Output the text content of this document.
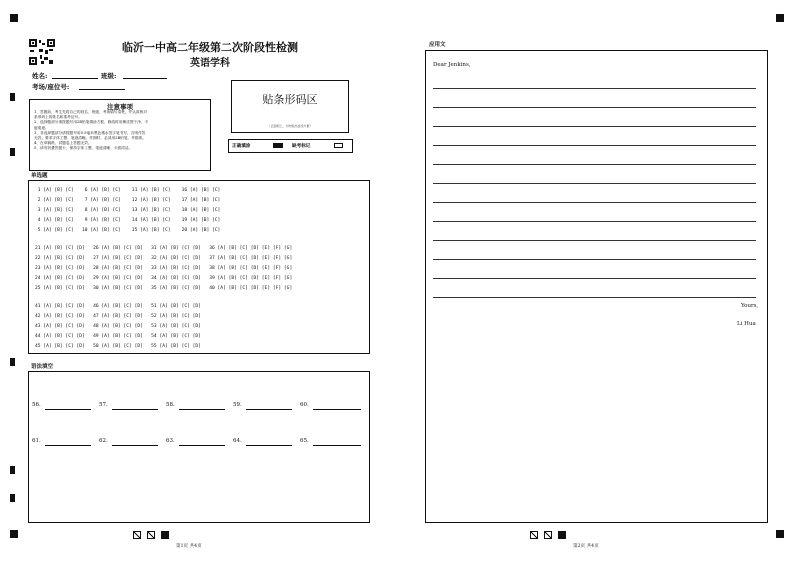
临沂一中高二年级第二次阶段性检测
英语学科
姓名:	班级:
考场/座位号:
注意事项
1、答题前，考生先将自己的姓名、班级、考场填写清楚，并认真核对
条形码上的姓名和准考证号。
2、选择题部分请按题号用2B铅笔填涂方框，修改时用橡皮擦干净，不
留痕迹。
3、非选择题部分请按题号用0.5毫米黑色墨水签字笔书写，否则作答
无效。要求字体工整、笔迹清晰。作图时，必须用2B铅笔，并描浓。
4、在草稿纸、试题卷上答题无效。
5、请勿折叠答题卡，保持字体工整、笔迹清晰、卡面清洁。
贴条形码区
（正面朝上，切勿贴出虚线方框）
正确填涂	缺考标记
单选题
1 [A] [B] [C]    6 [A] [B] [C]    11 [A] [B] [C]    16 [A] [B] [C]
2 [A] [B] [C]    7 [A] [B] [C]    12 [A] [B] [C]    17 [A] [B] [C]
3 [A] [B] [C]    8 [A] [B] [C]    13 [A] [B] [C]    18 [A] [B] [C]
4 [A] [B] [C]    9 [A] [B] [C]    14 [A] [B] [C]    19 [A] [B] [C]
5 [A] [B] [C]   10 [A] [B] [C]    15 [A] [B] [C]    20 [A] [B] [C]
21 [A] [B] [C] [D]   26 [A] [B] [C] [D]   31 [A] [B] [C] [D]   36 [A] [B] [C] [D] [E] [F] [G]
22 [A] [B] [C] [D]   27 [A] [B] [C] [D]   32 [A] [B] [C] [D]   37 [A] [B] [C] [D] [E] [F] [G]
23 [A] [B] [C] [D]   28 [A] [B] [C] [D]   33 [A] [B] [C] [D]   38 [A] [B] [C] [D] [E] [F] [G]
24 [A] [B] [C] [D]   29 [A] [B] [C] [D]   34 [A] [B] [C] [D]   39 [A] [B] [C] [D] [E] [F] [G]
25 [A] [B] [C] [D]   30 [A] [B] [C] [D]   35 [A] [B] [C] [D]   40 [A] [B] [C] [D] [E] [F] [G]
41 [A] [B] [C] [D]   46 [A] [B] [C] [D]   51 [A] [B] [C] [D]
42 [A] [B] [C] [D]   47 [A] [B] [C] [D]   52 [A] [B] [C] [D]
43 [A] [B] [C] [D]   48 [A] [B] [C] [D]   53 [A] [B] [C] [D]
44 [A] [B] [C] [D]   49 [A] [B] [C] [D]   54 [A] [B] [C] [D]
45 [A] [B] [C] [D]   50 [A] [B] [C] [D]   55 [A] [B] [C] [D]
语法填空
56.	57.	58.	59.	60.
61.	62.	63.	64.	65.
第1页 共4页
应用文
Dear Jenkins,
Yours,
Li Hua
第2页 共4页
